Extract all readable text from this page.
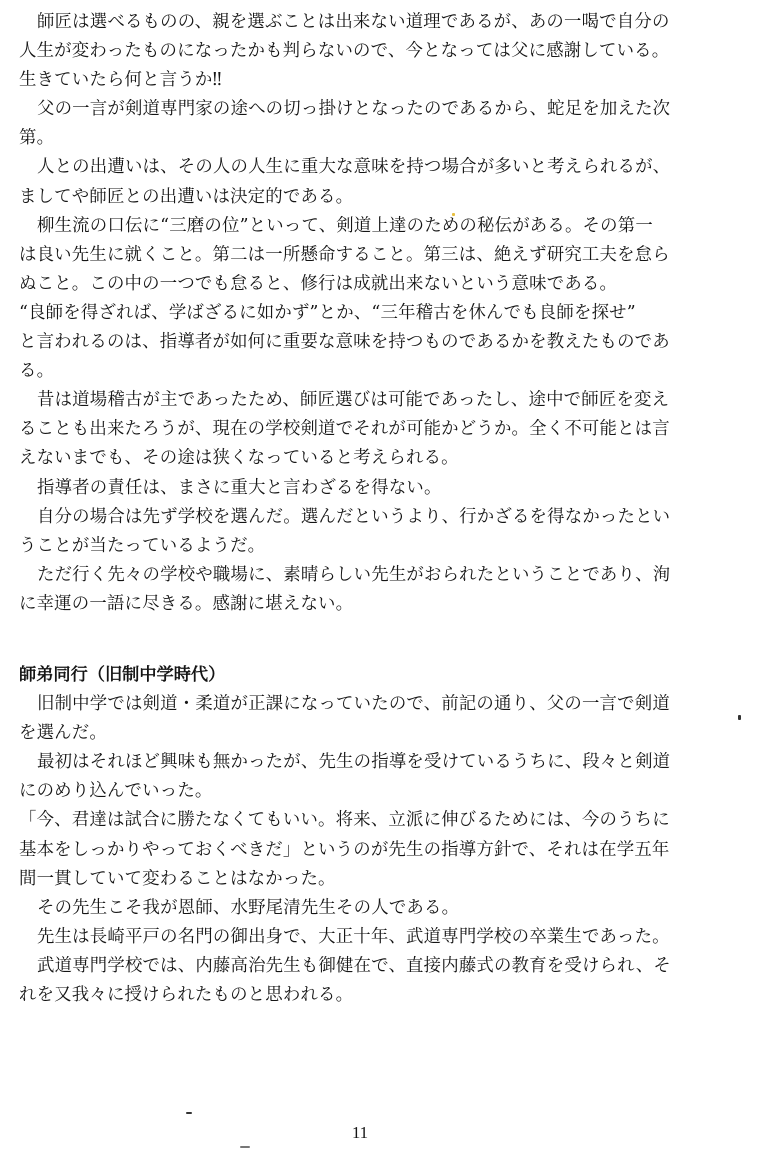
師匠は選べるものの、親を選ぶことは出来ない道理であるが、あの一喝で自分の
人生が変わったものになったかも判らないので、今となっては父に感謝している。
生きていたら何と言うか‼
父の一言が剣道専門家の途への切っ掛けとなったのであるから、蛇足を加えた次
第。
人との出遭いは、その人の人生に重大な意味を持つ場合が多いと考えられるが、
ましてや師匠との出遭いは決定的である。
柳生流の口伝に“三磨の位”といって、剣道上達のための秘伝がある。その第一
は良い先生に就くこと。第二は一所懸命すること。第三は、絶えず研究工夫を怠ら
ぬこと。この中の一つでも怠ると、修行は成就出来ないという意味である。
“良師を得ざれば、学ばざるに如かず”とか、“三年稽古を休んでも良師を探せ”
と言われるのは、指導者が如何に重要な意味を持つものであるかを教えたものであ
る。
昔は道場稽古が主であったため、師匠選びは可能であったし、途中で師匠を変え
ることも出来たろうが、現在の学校剣道でそれが可能かどうか。全く不可能とは言
えないまでも、その途は狭くなっていると考えられる。
指導者の責任は、まさに重大と言わざるを得ない。
自分の場合は先ず学校を選んだ。選んだというより、行かざるを得なかったとい
うことが当たっているようだ。
ただ行く先々の学校や職場に、素晴らしい先生がおられたということであり、洵
に幸運の一語に尽きる。感謝に堪えない。
師弟同行（旧制中学時代）
旧制中学では剣道・柔道が正課になっていたので、前記の通り、父の一言で剣道
を選んだ。
最初はそれほど興味も無かったが、先生の指導を受けているうちに、段々と剣道
にのめり込んでいった。
「今、君達は試合に勝たなくてもいい。将来、立派に伸びるためには、今のうちに
基本をしっかりやっておくべきだ」というのが先生の指導方針で、それは在学五年
間一貫していて変わることはなかった。
その先生こそ我が恩師、水野尾清先生その人である。
先生は長崎平戸の名門の御出身で、大正十年、武道専門学校の卒業生であった。
武道専門学校では、内藤高治先生も御健在で、直接内藤式の教育を受けられ、そ
れを又我々に授けられたものと思われる。
11
